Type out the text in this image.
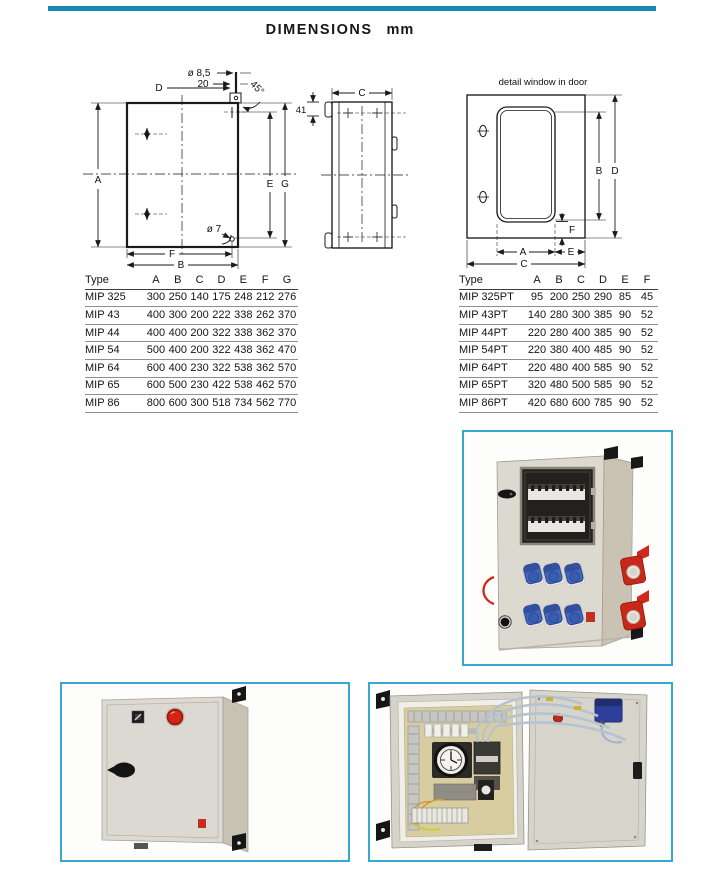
DIMENSIONS mm
A
D
ø 8,5
20	45°
E G
ø 7
F
B
41
C
detail window in door
A
B
C
D
E
F
Type	A	B	C	D	E	F	G
MIP 325	300	250	140	175	248	212	276
MIP 43	400	300	200	222	338	262	370
MIP 44	400	400	200	322	338	362	370
MIP 54	500	400	200	322	438	362	470
MIP 64	600	400	230	322	538	362	570
MIP 65	600	500	230	422	538	462	570
MIP 86	800	600	300	518	734	562	770
Type	A	B	C	D	E	F
MIP 325PT	95	200	250	290	85	45
MIP 43PT	140	280	300	385	90	52
MIP 44PT	220	280	400	385	90	52
MIP 54PT	220	380	400	485	90	52
MIP 64PT	220	480	400	585	90	52
MIP 65PT	320	480	500	585	90	52
MIP 86PT	420	680	600	785	90	52
